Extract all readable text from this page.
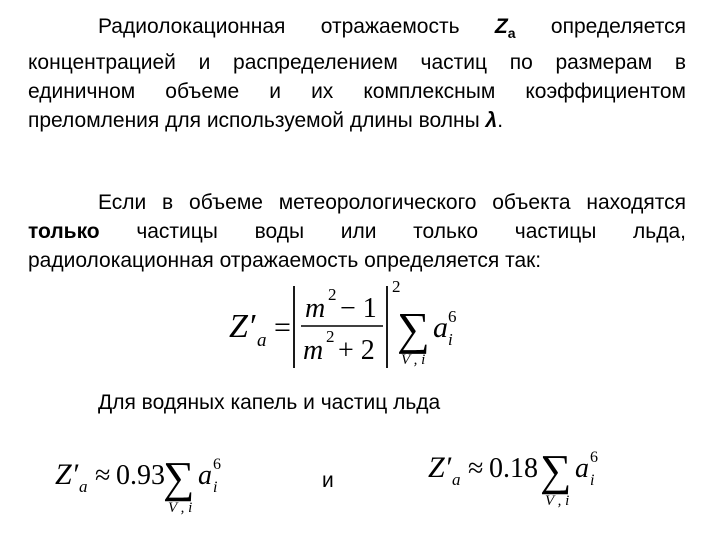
Радиолокационная отражаемость $Z_a$ определяется концентрацией и распределением частиц по размерам в единичном объеме и их комплексным коэффициентом преломления для используемой длины волны λ.

Если в объеме метеорологического объекта находятся только частицы воды или только частицы льда, радиолокационная отражаемость определяется так:

Z′ a =
m 2 − 1
m 2 + 2
2
∑
V , i
a i
6

Для водяных капель и частиц льда

Z′ a ≈ 0.93
∑
V , i
a i
6

и	Z′ a ≈ 0.18 ∑
V , i
a i
6
